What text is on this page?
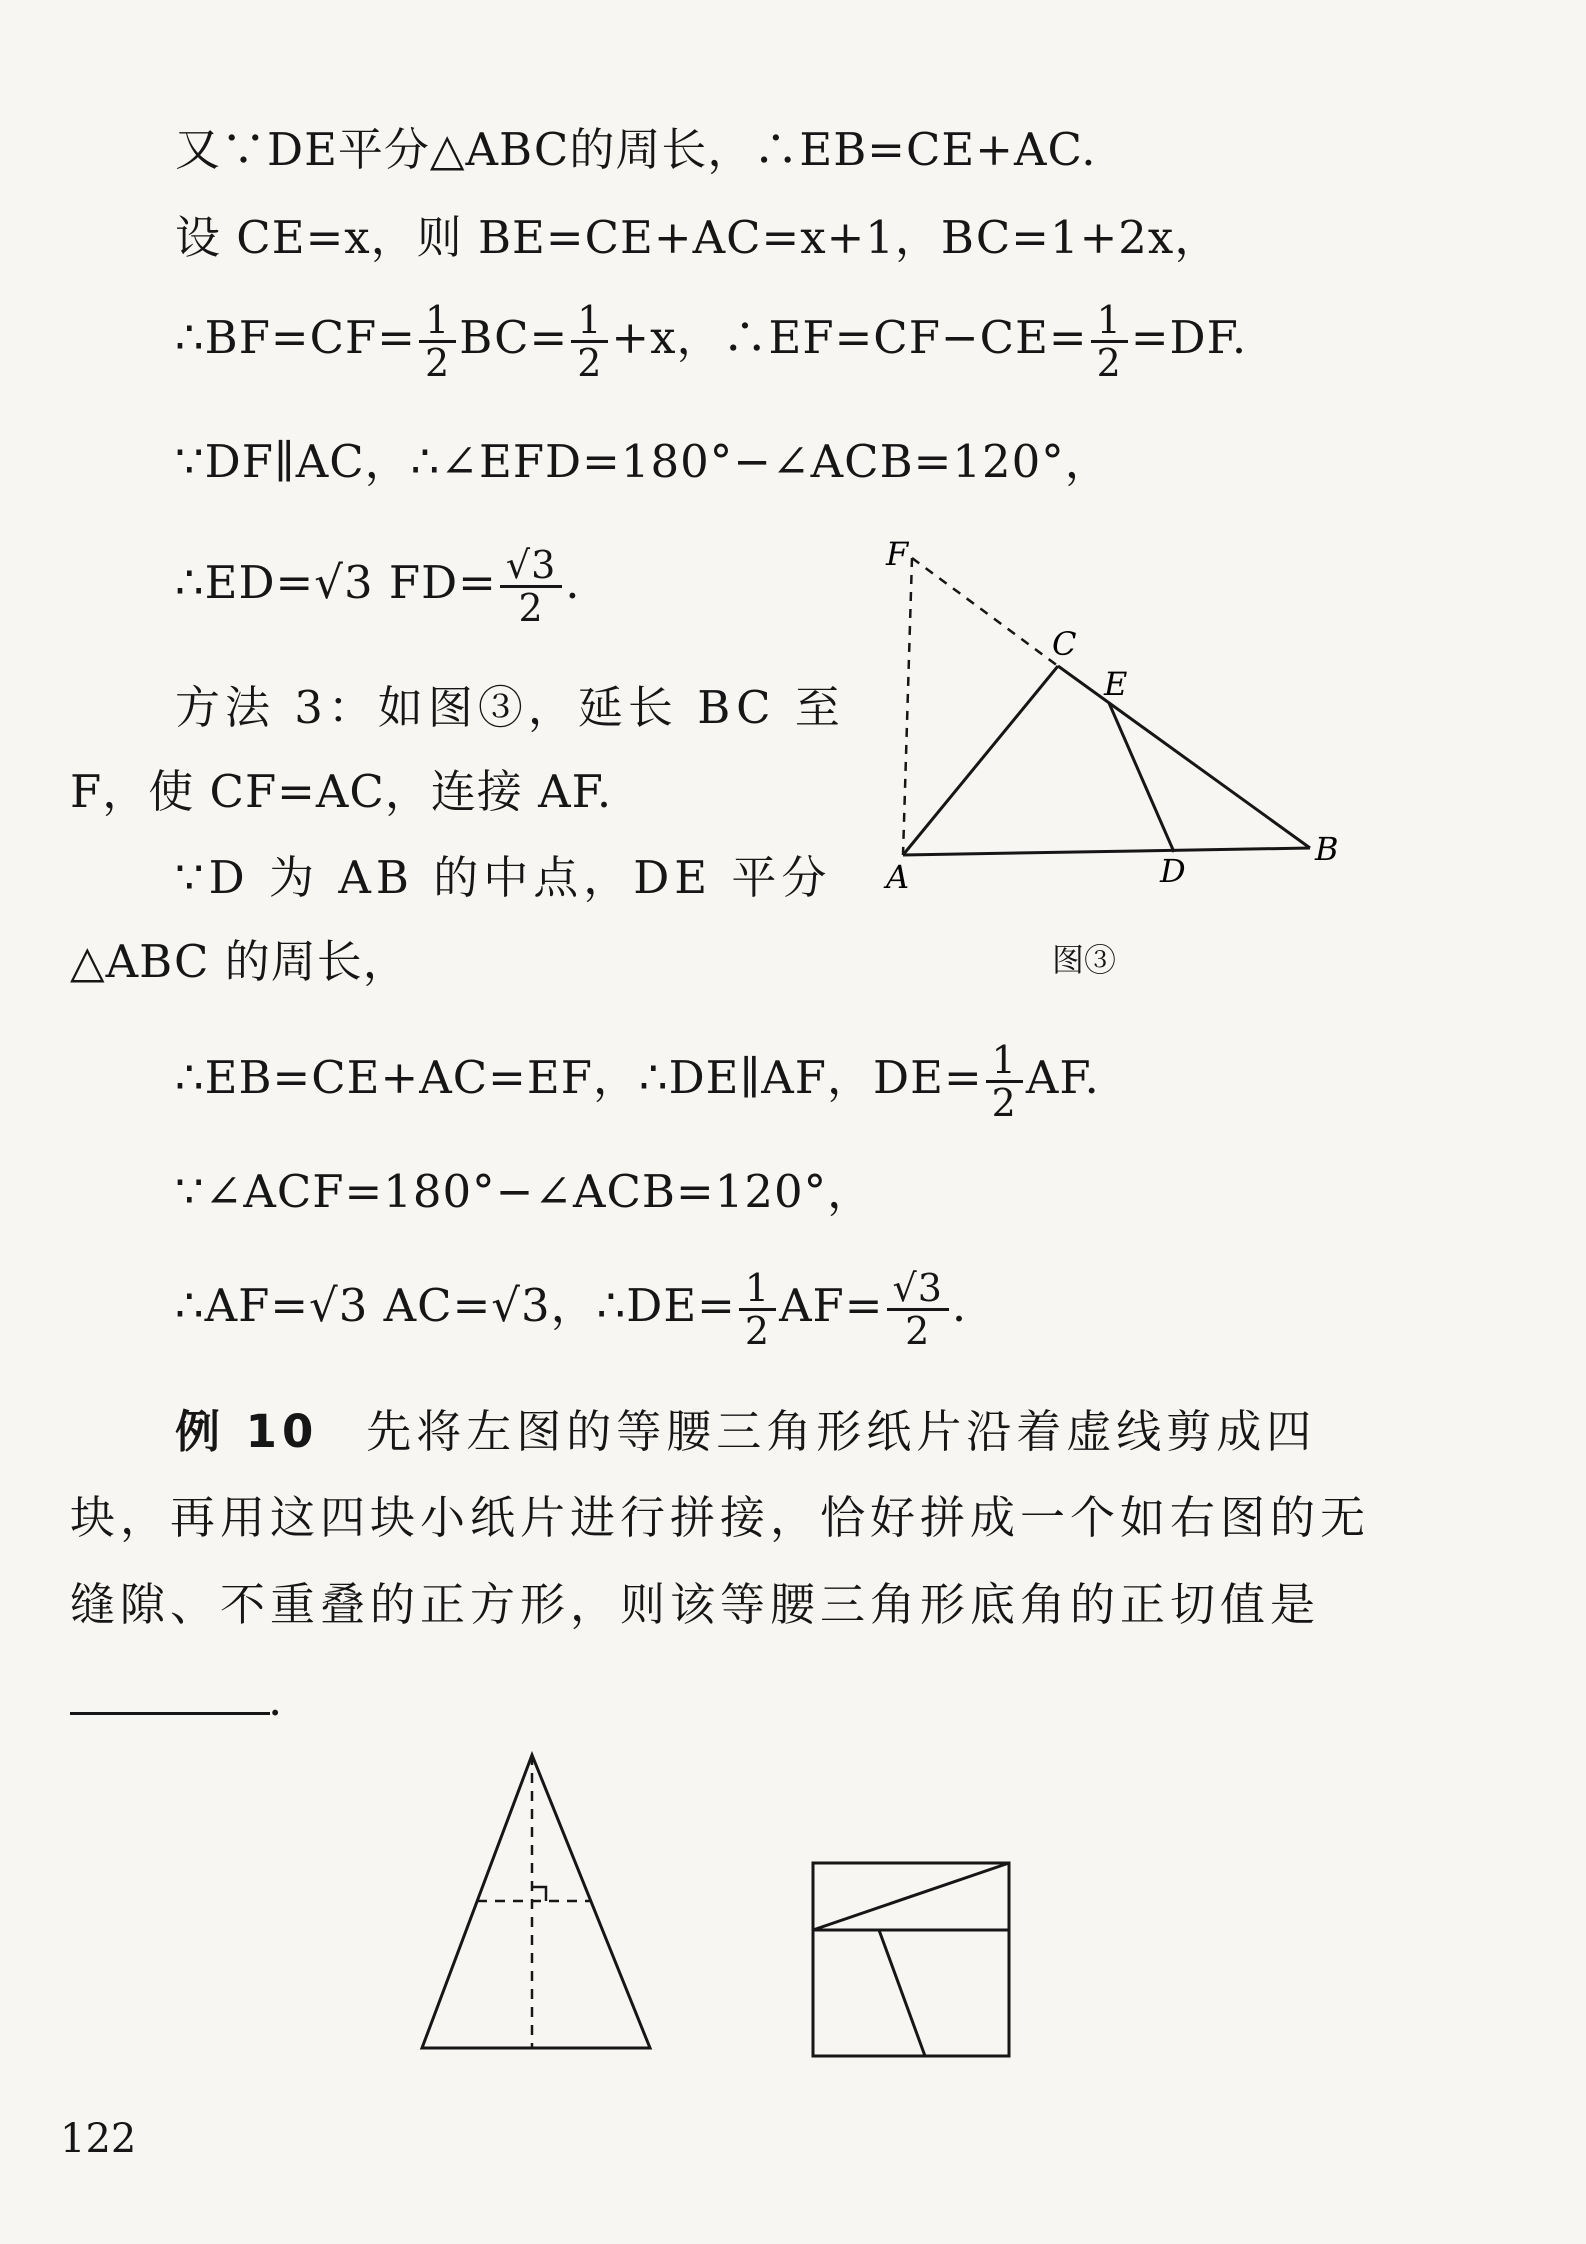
又∵DE平分△ABC的周长，∴EB=CE+AC.
设 CE=x，则 BE=CE+AC=x+1，BC=1+2x，
∴BF=CF= $\frac{1}{2} BC= \frac{1}{2} +x$，∴EF=CF−CE= $\frac{1}{2} =DF$.
∵DF∥AC，∴∠EFD=180°−∠ACB=120°，
∴ED=√3 $FD= \frac{√3}{2}$ .
方法 3：如图③，延长 BC 至
F，使 CF=AC，连接 AF.
∵D 为 AB 的中点，DE 平分
△ABC 的周长，
∴EB=CE+AC=EF，∴DE∥AF，$DE= \frac{1}{2}$ AF.
∵∠ACF=180°−∠ACB=120°，
∴AF=√3 AC=√3，∴DE= $\frac{1}{2} AF= \frac{√3}{2}$ .
例 10 先将左图的等腰三角形纸片沿着虚线剪成四
块，再用这四块小纸片进行拼接，恰好拼成一个如右图的无
缝隙、不重叠的正方形，则该等腰三角形底角的正切值是
.
F
C
E
A	D
B
图③
122
